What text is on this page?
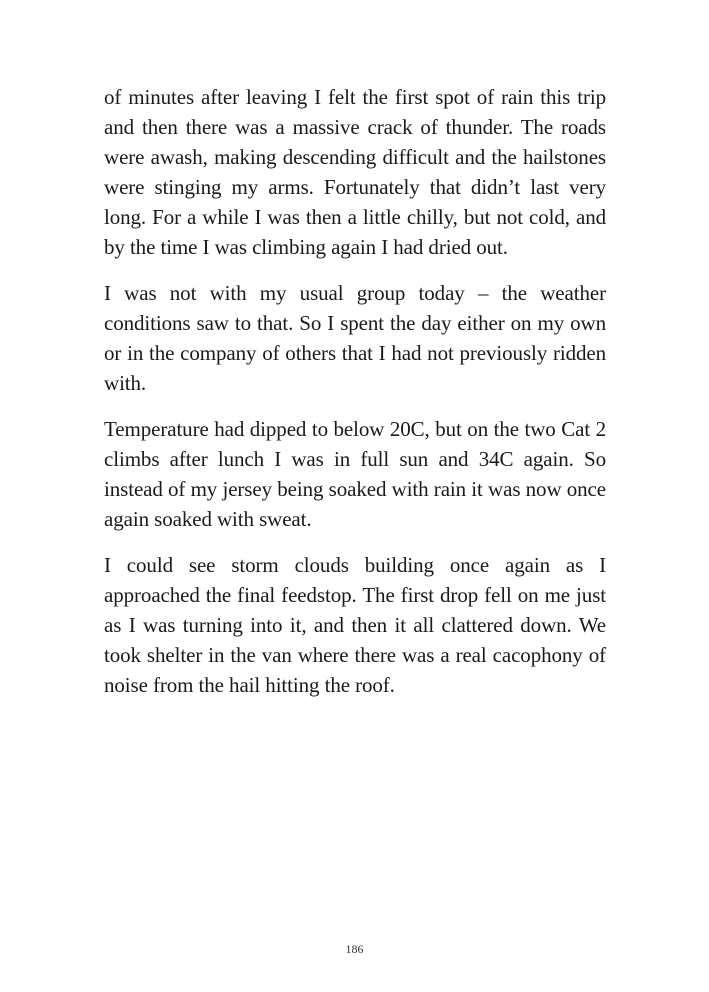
of minutes after leaving I felt the first spot of rain this trip and then there was a massive crack of thunder. The roads were awash, making descending difficult and the hailstones were stinging my arms. Fortunately that didn’t last very long. For a while I was then a little chilly, but not cold, and by the time I was climbing again I had dried out.

I was not with my usual group today – the weather conditions saw to that. So I spent the day either on my own or in the company of others that I had not previously ridden with.

Temperature had dipped to below 20C, but on the two Cat 2 climbs after lunch I was in full sun and 34C again. So instead of my jersey being soaked with rain it was now once again soaked with sweat.

I could see storm clouds building once again as I approached the final feedstop. The first drop fell on me just as I was turning into it, and then it all clattered down. We took shelter in the van where there was a real cacophony of noise from the hail hitting the roof.

186
